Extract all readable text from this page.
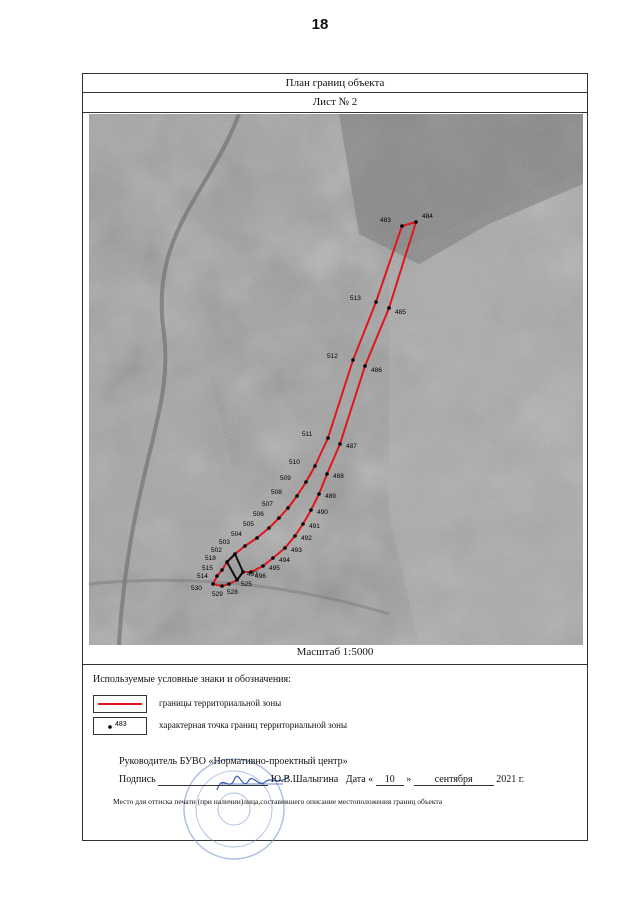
18
План границ объекта
Лист № 2
483
484
485
486
487
488
489
490
491
492
493
494
495
496
497
502
503
504
505
506
507
508
509
510
511
512
513
514
515
518
525
528
529
530
Масштаб 1:5000
Используемые условные знаки и обозначения:
границы территориальной зоны
483	характерная точка границ территориальной зоны
Руководитель БУВО «Нормативно-проектный центр»
Подпись	Ю.В.Шалыгина Дата « 10 » сентября 2021 г.
Место для оттиска печати (при наличии)лица,составившего описание местоположения границ объекта
